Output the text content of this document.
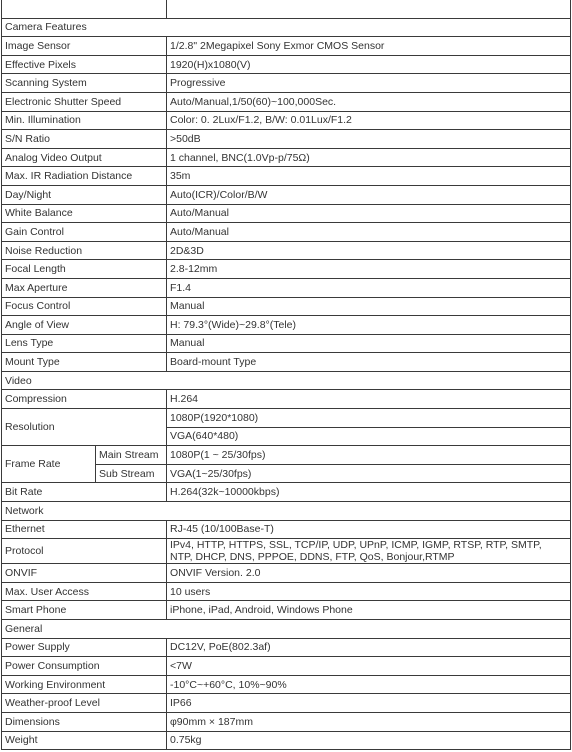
Camera Features		
Image Sensor		1/2.8" 2Megapixel Sony Exmor CMOS Sensor
Effective Pixels		1920(H)x1080(V)
Scanning System		Progressive
Electronic Shutter Speed		Auto/Manual,1/50(60)~100,000Sec.
Min. Illumination		Color: 0. 2Lux/F1.2, B/W: 0.01Lux/F1.2
S/N Ratio		>50dB
Analog Video Output		1 channel, BNC(1.0Vp-p/75Ω)
Max. IR Radiation Distance		35m
Day/Night		Auto(ICR)/Color/B/W
White Balance		Auto/Manual
Gain Control		Auto/Manual
Noise Reduction		2D&3D
Focal Length		2.8-12mm
Max Aperture		F1.4
Focus Control		Manual
Angle of View		H: 79.3°(Wide)~29.8°(Tele)
Lens Type		Manual
Mount Type		Board-mount Type
Video		
Compression		H.264
Resolution		1080P(1920*1080)
		VGA(640*480)
Frame Rate	Main Stream	1080P(1 ~ 25/30fps)
	Sub Stream	VGA(1~25/30fps)
Bit Rate		H.264(32k~10000kbps)
Network		
Ethernet		RJ-45 (10/100Base-T)
Protocol		IPv4, HTTP, HTTPS, SSL, TCP/IP, UDP, UPnP, ICMP, IGMP, RTSP, RTP, SMTP, NTP, DHCP, DNS, PPPOE, DDNS, FTP, QoS, Bonjour,RTMP
ONVIF		ONVIF Version. 2.0
Max. User Access		10 users
Smart Phone		iPhone, iPad, Android, Windows Phone
General		
Power Supply		DC12V, PoE(802.3af)
Power Consumption		<7W
Working Environment		-10°C~+60°C, 10%~90%
Weather-proof Level		IP66
Dimensions		φ90mm × 187mm
Weight		0.75kg
